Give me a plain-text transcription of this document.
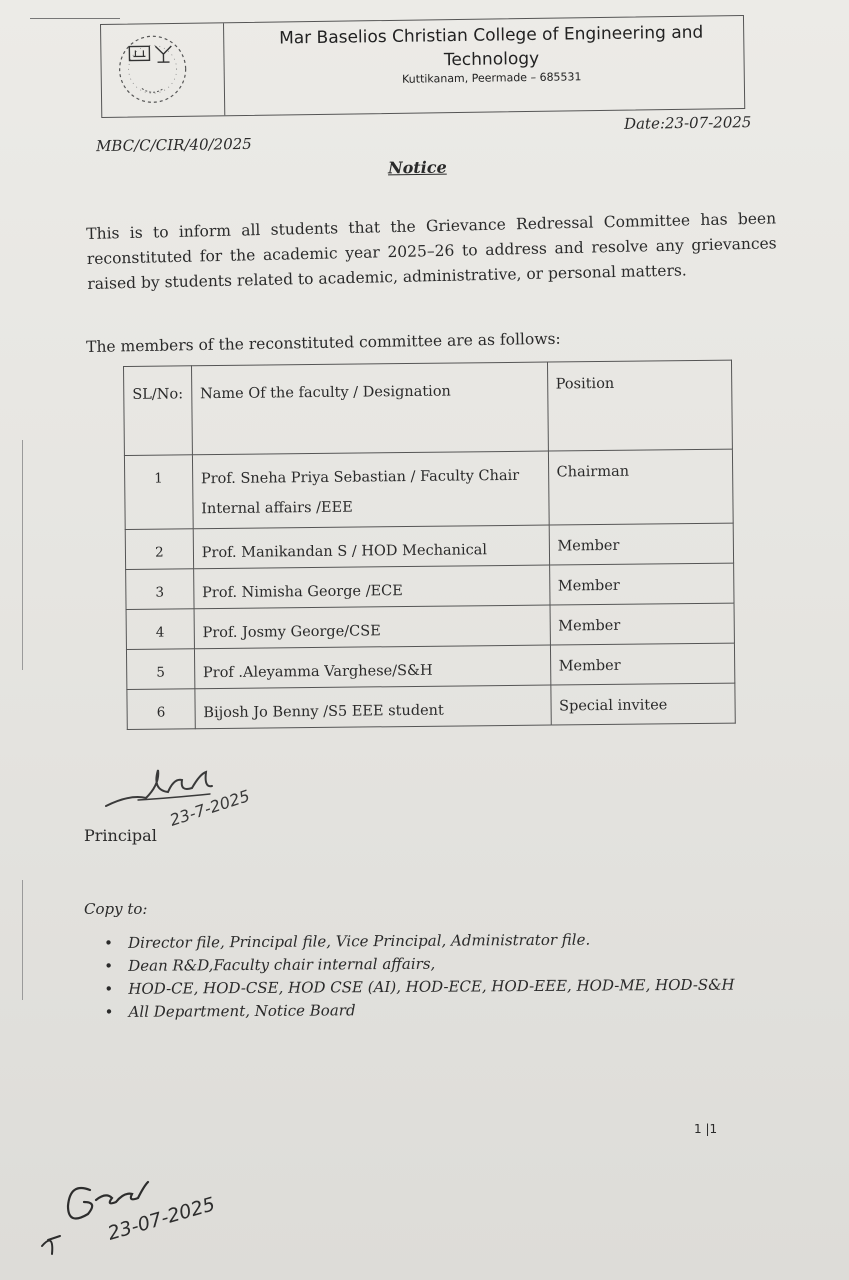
Mar Baselios Christian College of Engineering and Technology
Kuttikanam, Peermade – 685531
MBC/C/CIR/40/2025
Date:23-07-2025
Notice
This is to inform all students that the Grievance Redressal Committee has been reconstituted for the academic year 2025–26 to address and resolve any grievances raised by students related to academic, administrative, or personal matters.
The members of the reconstituted committee are as follows:
SL/No:	Name Of the faculty / Designation	Position
1	Prof. Sneha Priya Sebastian / Faculty Chair Internal affairs /EEE	Chairman
2	Prof. Manikandan S / HOD Mechanical	Member
3	Prof. Nimisha George /ECE	Member
4	Prof. Josmy George/CSE	Member
5	Prof .Aleyamma Varghese/S&H	Member
6	Bijosh Jo Benny /S5 EEE student	Special invitee
23-7-2025
Principal
Copy to:
• Director file, Principal file, Vice Principal, Administrator file.
• Dean R&D,Faculty chair internal affairs,
• HOD-CE, HOD-CSE, HOD CSE (AI), HOD-ECE, HOD-EEE, HOD-ME, HOD-S&H
• All Department, Notice Board
1 |1
23-07-2025
